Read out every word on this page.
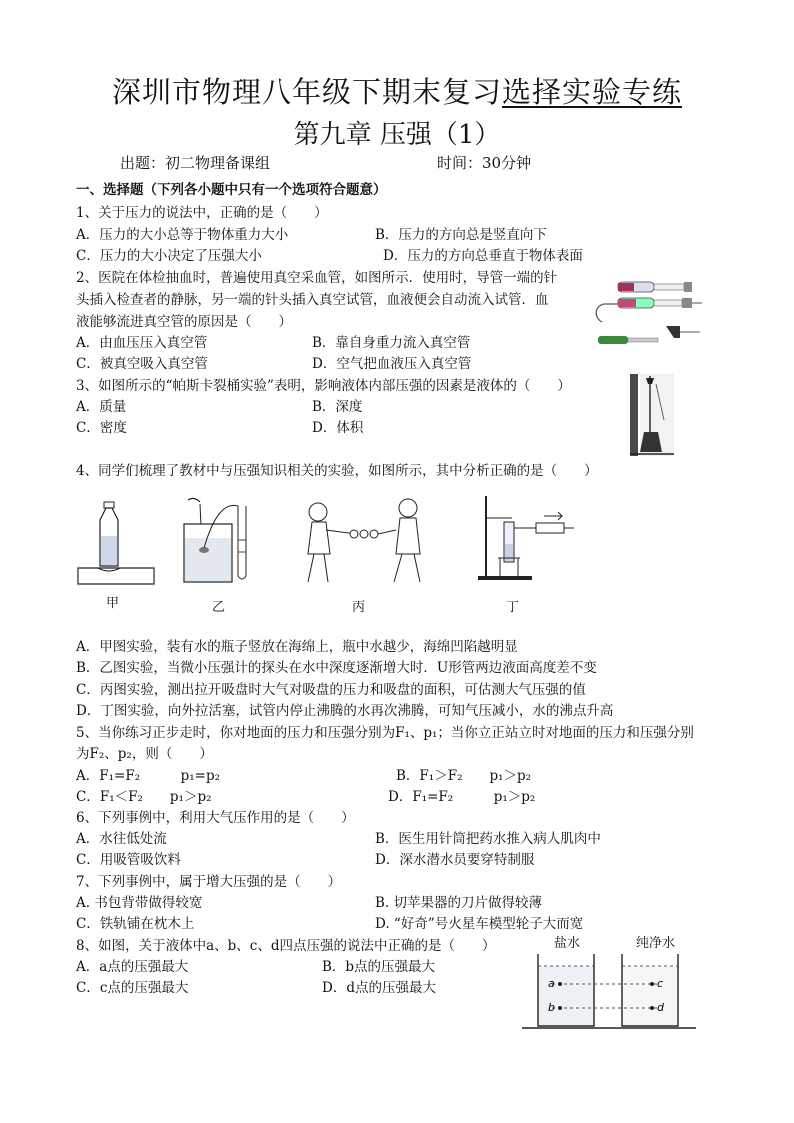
深圳市物理八年级下期末复习选择实验专练
第九章 压强（1）
出题：初二物理备课组	时间：30分钟
一、选择题（下列各小题中只有一个选项符合题意）
1、关于压力的说法中，正确的是（　　）
A．压力的大小总等于物体重力大小	B．压力的方向总是竖直向下
C．压力的大小决定了压强大小	D．压力的方向总垂直于物体表面
2、医院在体检抽血时，普遍使用真空采血管，如图所示．使用时，导管一端的针
头插入检查者的静脉，另一端的针头插入真空试管，血液便会自动流入试管．血
液能够流进真空管的原因是（　　）
A．由血压压入真空管	B．靠自身重力流入真空管
C．被真空吸入真空管	D．空气把血液压入真空管
3、如图所示的“帕斯卡裂桶实验”表明，影响液体内部压强的因素是液体的（　　）
A．质量	B．深度
C．密度	D．体积
4、同学们梳理了教材中与压强知识相关的实验，如图所示，其中分析正确的是（　　）
甲	乙	丙	丁
A．甲图实验，装有水的瓶子竖放在海绵上，瓶中水越少，海绵凹陷越明显
B．乙图实验，当微小压强计的探头在水中深度逐渐增大时．U形管两边液面高度差不变
C．丙图实验，测出拉开吸盘时大气对吸盘的压力和吸盘的面积，可估测大气压强的值
D．丁图实验，向外拉活塞，试管内停止沸腾的水再次沸腾，可知气压减小，水的沸点升高
5、当你练习正步走时，你对地面的压力和压强分别为F₁、p₁；当你立正站立时对地面的压力和压强分别
为F₂、p₂，则（　　）
A．F₁=F₂　　　p₁=p₂	B．F₁＞F₂　　p₁＞p₂
C．F₁＜F₂　　p₁＞p₂	D．F₁=F₂　　　p₁＞p₂
6、下列事例中，利用大气压作用的是（　　）
A．水往低处流	B．医生用针筒把药水推入病人肌肉中
C．用吸管吸饮料	D．深水潜水员要穿特制服
7、下列事例中，属于增大压强的是（　　）
A. 书包背带做得较宽	B. 切苹果器的刀片做得较薄
C．铁轨铺在枕木上	D. “好奇”号火星车模型轮子大而宽
8、如图，关于液体中a、b、c、d四点压强的说法中正确的是（　　）
A．a点的压强最大	B．b点的压强最大
C．c点的压强最大	D．d点的压强最大
盐水	纯净水
a
b
c
d
